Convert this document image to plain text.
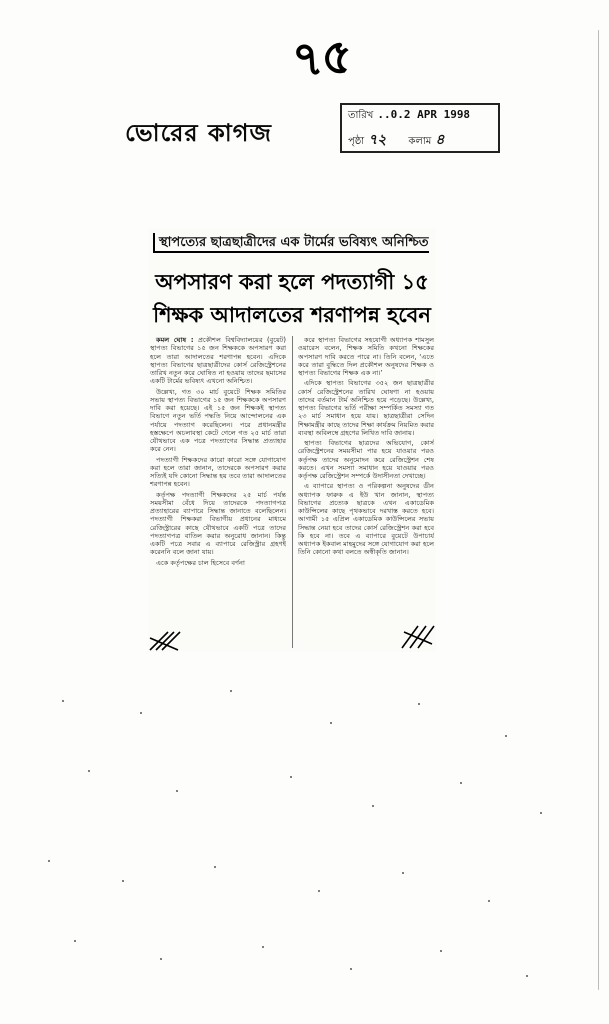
৭৫
ভোরের কাগজ
তারিখ ..0.2 APR 1998
পৃষ্ঠা ৭২ কলাম ৪
স্থাপত্যের ছাত্রছাত্রীদের এক টার্মের ভবিষ্যৎ অনিশ্চিত
অপসারণ করা হলে পদত্যাগী ১৫
শিক্ষক আদালতের শরণাপন্ন হবেন

কমল ঘোষ : প্রকৌশল বিশ্ববিদ্যালয়ের (বুয়েট) স্থাপত্য বিভাগের ১৫ জন শিক্ষককে অপসারণ করা হলে তারা আদালতের শরণাপন্ন হবেন। এদিকে স্থাপত্য বিভাগের ছাত্রছাত্রীদের কোর্স রেজিস্ট্রেশনের তারিখ নতুন করে ঘোষিত না হওয়ায় তাদের ছমাসের একটি টার্মের ভবিষ্যৎ এখনো অনিশ্চিত।

উল্লেখ্য, গত ৩০ মার্চ বুয়েটে শিক্ষক সমিতির সভায় স্থাপত্য বিভাগের ১৫ জন শিক্ষককে অপসারণ দাবি করা হয়েছে। এই ১৫ জন শিক্ষকই স্থাপত্য বিভাগে নতুন ভর্তি পদ্ধতি নিয়ে আন্দোলনের এক পর্যায়ে পদত্যাগ করেছিলেন। পরে প্রধানমন্ত্রীর হস্তক্ষেপে অচলাবস্থা কেটে গেলে গত ২৫ মার্চ তারা যৌথভাবে এক পত্রে পদত্যাগের সিদ্ধান্ত প্রত্যাহার করে নেন।

পদত্যাগী শিক্ষকদের কারো কারো সঙ্গে যোগাযোগ করা হলে তারা জানান, তাদেরকে অপসারণ করার সত্যিই যদি কোনো সিদ্ধান্ত হয় তবে তারা আদালতের শরণাপন্ন হবেন।

কর্তৃপক্ষ পদত্যাগী শিক্ষকদের ২৫ মার্চ পর্যন্ত সময়সীমা বেঁধে দিয়ে তাদেরকে পদত্যাগপত্র প্রত্যাহারের ব্যাপারে সিদ্ধান্ত জানাতে বলেছিলেন। পদত্যাগী শিক্ষকরা বিভাগীয় প্রধানের মাধ্যমে রেজিস্ট্রারের কাছে যৌথভাবে একটি পত্রে তাদের পদত্যাগপত্র বাতিল করার অনুরোধ জানান। কিন্তু একটি পত্রে সবার এ ব্যাপারে রেজিস্ট্রার গ্রহণই করেননি বলে জানা যায়।

একে কর্তৃপক্ষের চাল হিসেবে বর্ণনা

করে স্থাপত্য বিভাগের সহযোগী অধ্যাপক শামসুল ওয়ারেস বলেন, শিক্ষক সমিতি কখনো শিক্ষকের অপসারণ দাবি করতে পারে না। তিনি বলেন, ‘এতে করে তারা বুদ্ধিতে দিল প্রকৌশল অনুষদের শিক্ষক ও স্থাপত্য বিভাগের শিক্ষক এক না।’

এদিকে স্থাপত্য বিভাগের ৩৫২ জন ছাত্রছাত্রীর কোর্স রেজিস্ট্রেশনের তারিখ ঘোষণা না হওয়ায় তাদের বর্তমান টার্ম অনিশ্চিত হয়ে পড়েছে। উল্লেখ্য, স্থাপত্য বিভাগের ভর্তি পরীক্ষা সম্পর্কিত সমস্যা গত ২৩ মার্চ সমাধান হয়ে যায়। ছাত্রছাত্রীরা সেদিন শিক্ষামন্ত্রীর কাছে তাদের শিক্ষা কার্যক্রম নিয়মিত করার ব্যবস্থা অবিলম্বে গ্রহণের লিখিত দাবি জানায়।

স্থাপত্য বিভাগের ছাত্রদের অভিযোগ, কোর্স রেজিস্ট্রেশনের সময়সীমা পার হয়ে যাওয়ার পরও কর্তৃপক্ষ তাদের অনুমোদন করে রেজিস্ট্রেশন শেষ করতে। এখন সমস্যা সমাধান হয়ে যাওয়ার পরও কর্তৃপক্ষ রেজিস্ট্রেশন সম্পর্কে উদাসীনতা দেখাচ্ছে।

এ ব্যাপারে স্থাপত্য ও পরিকল্পনা অনুষদের ডীন অধ্যাপক ফারুক এ ইউ খান জানান, স্থাপত্য বিভাগের প্রত্যেক ছাত্রকে এখন একাডেমিক কাউন্সিলের কাছে পৃথকভাবে দরখাস্ত করতে হবে। আগামী ১৫ এপ্রিল একাডেমিক কাউন্সিলের সভায় সিদ্ধান্ত নেয়া হবে তাদের কোর্স রেজিস্ট্রেশন করা হবে কি হবে না। তবে এ ব্যাপারে বুয়েটে উপাচার্য অধ্যাপক ইকবাল মাহমুদের সঙ্গে যোগাযোগ করা হলে তিনি কোনো কথা বলতে অস্বীকৃতি জানান।
